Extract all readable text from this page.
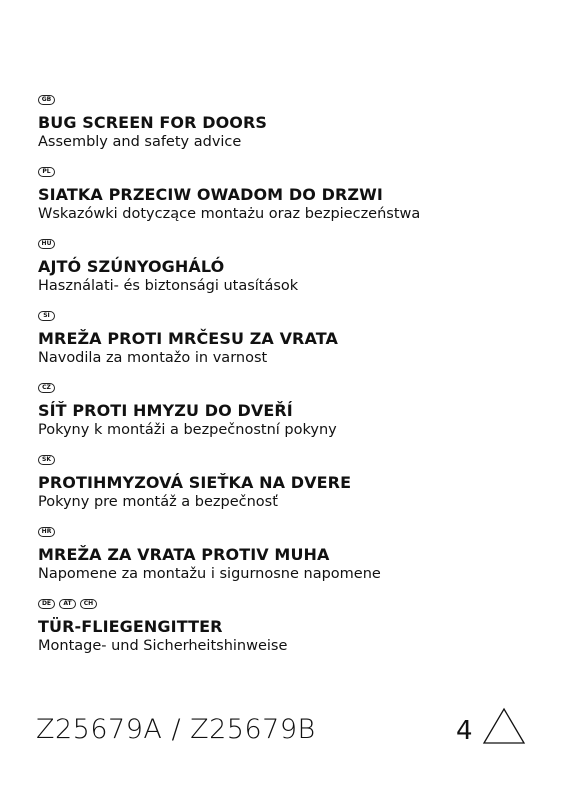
GB
BUG SCREEN FOR DOORS
Assembly and safety advice
PL
SIATKA PRZECIW OWADOM DO DRZWI
Wskazówki dotyczące montażu oraz bezpieczeństwa
HU
AJTÓ SZÚNYOGHÁLÓ
Használati- és biztonsági utasítások
SI
MREŽA PROTI MRČESU ZA VRATA
Navodila za montažo in varnost
CZ
SÍŤ PROTI HMYZU DO DVEŘÍ
Pokyny k montáži a bezpečnostní pokyny
SK
PROTIHMYZOVÁ SIEŤKA NA DVERE
Pokyny pre montáž a bezpečnosť
HR
MREŽA ZA VRATA PROTIV MUHA
Napomene za montažu i sigurnosne napomene
DE	AT	CH
TÜR-FLIEGENGITTER
Montage- und Sicherheitshinweise
Z25679A / Z25679B	4
